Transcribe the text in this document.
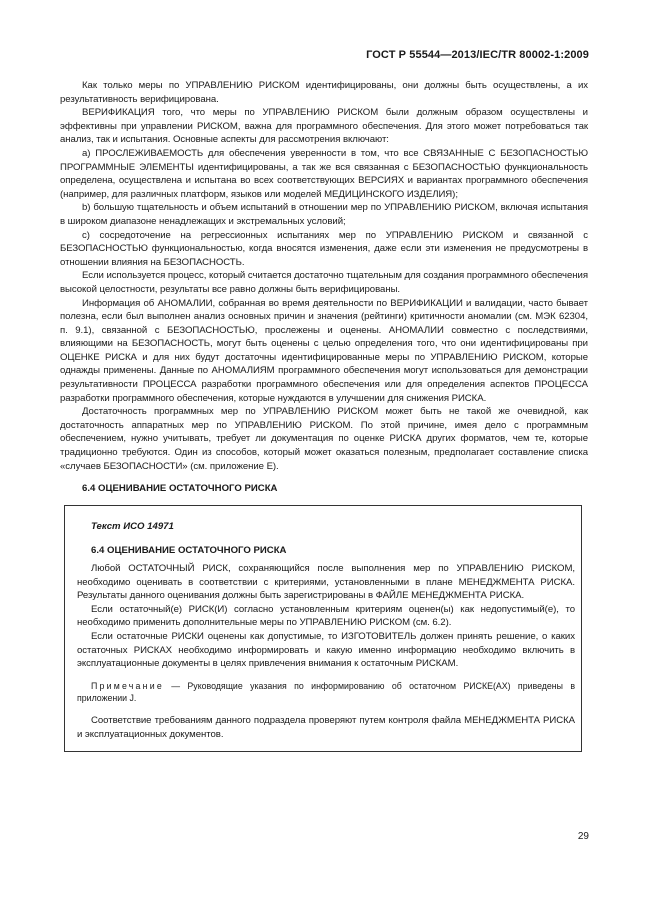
ГОСТ Р 55544—2013/IEC/TR 80002-1:2009

Как только меры по УПРАВЛЕНИЮ РИСКОМ идентифицированы, они должны быть осуществлены, а их результативность верифицирована.

ВЕРИФИКАЦИЯ того, что меры по УПРАВЛЕНИЮ РИСКОМ были должным образом осуществлены и эффективны при управлении РИСКОМ, важна для программного обеспечения. Для этого может потребоваться так анализ, так и испытания. Основные аспекты для рассмотрения включают:

а) ПРОСЛЕЖИВАЕМОСТЬ для обеспечения уверенности в том, что все СВЯЗАННЫЕ С БЕЗОПАСНОСТЬЮ ПРОГРАММНЫЕ ЭЛЕМЕНТЫ идентифицированы, а так же вся связанная с БЕЗОПАСНОСТЬЮ функциональность определена, осуществлена и испытана во всех соответствующих ВЕРСИЯХ и вариантах программного обеспечения (например, для различных платформ, языков или моделей МЕДИЦИНСКОГО ИЗДЕЛИЯ);

b) большую тщательность и объем испытаний в отношении мер по УПРАВЛЕНИЮ РИСКОМ, включая испытания в широком диапазоне ненадлежащих и экстремальных условий;

с) сосредоточение на регрессионных испытаниях мер по УПРАВЛЕНИЮ РИСКОМ и связанной с БЕЗОПАСНОСТЬЮ функциональностью, когда вносятся изменения, даже если эти изменения не предусмотрены в отношении влияния на БЕЗОПАСНОСТЬ.

Если используется процесс, который считается достаточно тщательным для создания программного обеспечения высокой целостности, результаты все равно должны быть верифицированы.

Информация об АНОМАЛИИ, собранная во время деятельности по ВЕРИФИКАЦИИ и валидации, часто бывает полезна, если был выполнен анализ основных причин и значения (рейтинги) критичности аномалии (см. МЭК 62304, п. 9.1), связанной с БЕЗОПАСНОСТЬЮ, прослежены и оценены. АНОМАЛИИ совместно с последствиями, влияющими на БЕЗОПАСНОСТЬ, могут быть оценены с целью определения того, что они идентифицированы при ОЦЕНКЕ РИСКА и для них будут достаточны идентифицированные меры по УПРАВЛЕНИЮ РИСКОМ, которые однажды применены. Данные по АНОМАЛИЯМ программного обеспечения могут использоваться для демонстрации результативности ПРОЦЕССА разработки программного обеспечения или для определения аспектов ПРОЦЕССА разработки программного обеспечения, которые нуждаются в улучшении для снижения РИСКА.

Достаточность программных мер по УПРАВЛЕНИЮ РИСКОМ может быть не такой же очевидной, как достаточность аппаратных мер по УПРАВЛЕНИЮ РИСКОМ. По этой причине, имея дело с программным обеспечением, нужно учитывать, требует ли документация по оценке РИСКА других форматов, чем те, которые традиционно требуются. Один из способов, который может оказаться полезным, предполагает составление списка «случаев БЕЗОПАСНОСТИ» (см. приложение Е).

6.4 ОЦЕНИВАНИЕ ОСТАТОЧНОГО РИСКА
Текст ИСО 14971
6.4 ОЦЕНИВАНИЕ ОСТАТОЧНОГО РИСКА

Любой ОСТАТОЧНЫЙ РИСК, сохраняющийся после выполнения мер по УПРАВЛЕНИЮ РИСКОМ, необходимо оценивать в соответствии с критериями, установленными в плане МЕНЕДЖМЕНТА РИСКА. Результаты данного оценивания должны быть зарегистрированы в ФАЙЛЕ МЕНЕДЖМЕНТА РИСКА.

Если остаточный(е) РИСК(И) согласно установленным критериям оценен(ы) как недопустимый(е), то необходимо применить дополнительные меры по УПРАВЛЕНИЮ РИСКОМ (см. 6.2).

Если остаточные РИСКИ оценены как допустимые, то ИЗГОТОВИТЕЛЬ должен принять решение, о каких остаточных РИСКАХ необходимо информировать и какую именно информацию необходимо включить в эксплуатационные документы в целях привлечения внимания к остаточным РИСКАМ.

Примечание — Руководящие указания по информированию об остаточном РИСКЕ(АХ) приведены в приложении J.

Соответствие требованиям данного подраздела проверяют путем контроля файла МЕНЕДЖМЕНТА РИСКА и эксплуатационных документов.

29
